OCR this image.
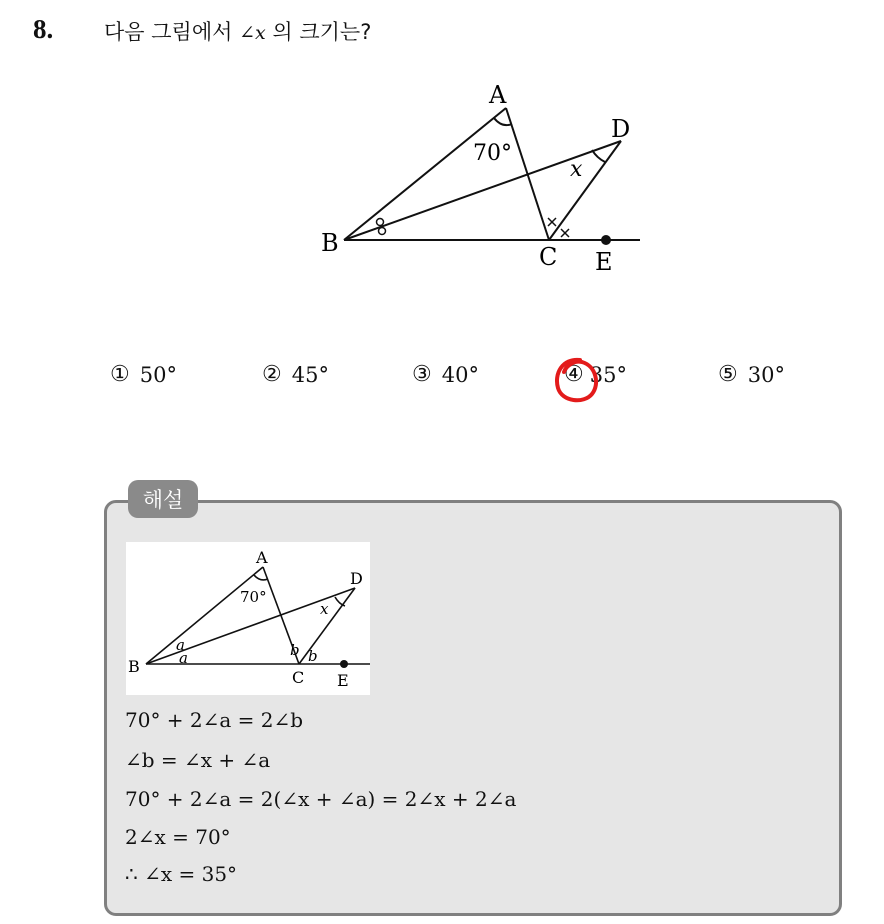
8. 다음 그림에서 ∠x 의 크기는?
A
B	C
D
E
70°
x
① 50°	② 45°	③ 40°	④ 35°	⑤ 30°
해설
A
B
C
D
E
70°
x
a
a	b b
70° + 2∠a = 2∠b
∠b = ∠x + ∠a
70° + 2∠a = 2(∠x + ∠a) = 2∠x + 2∠a
2∠x = 70°
∴ ∠x = 35°
